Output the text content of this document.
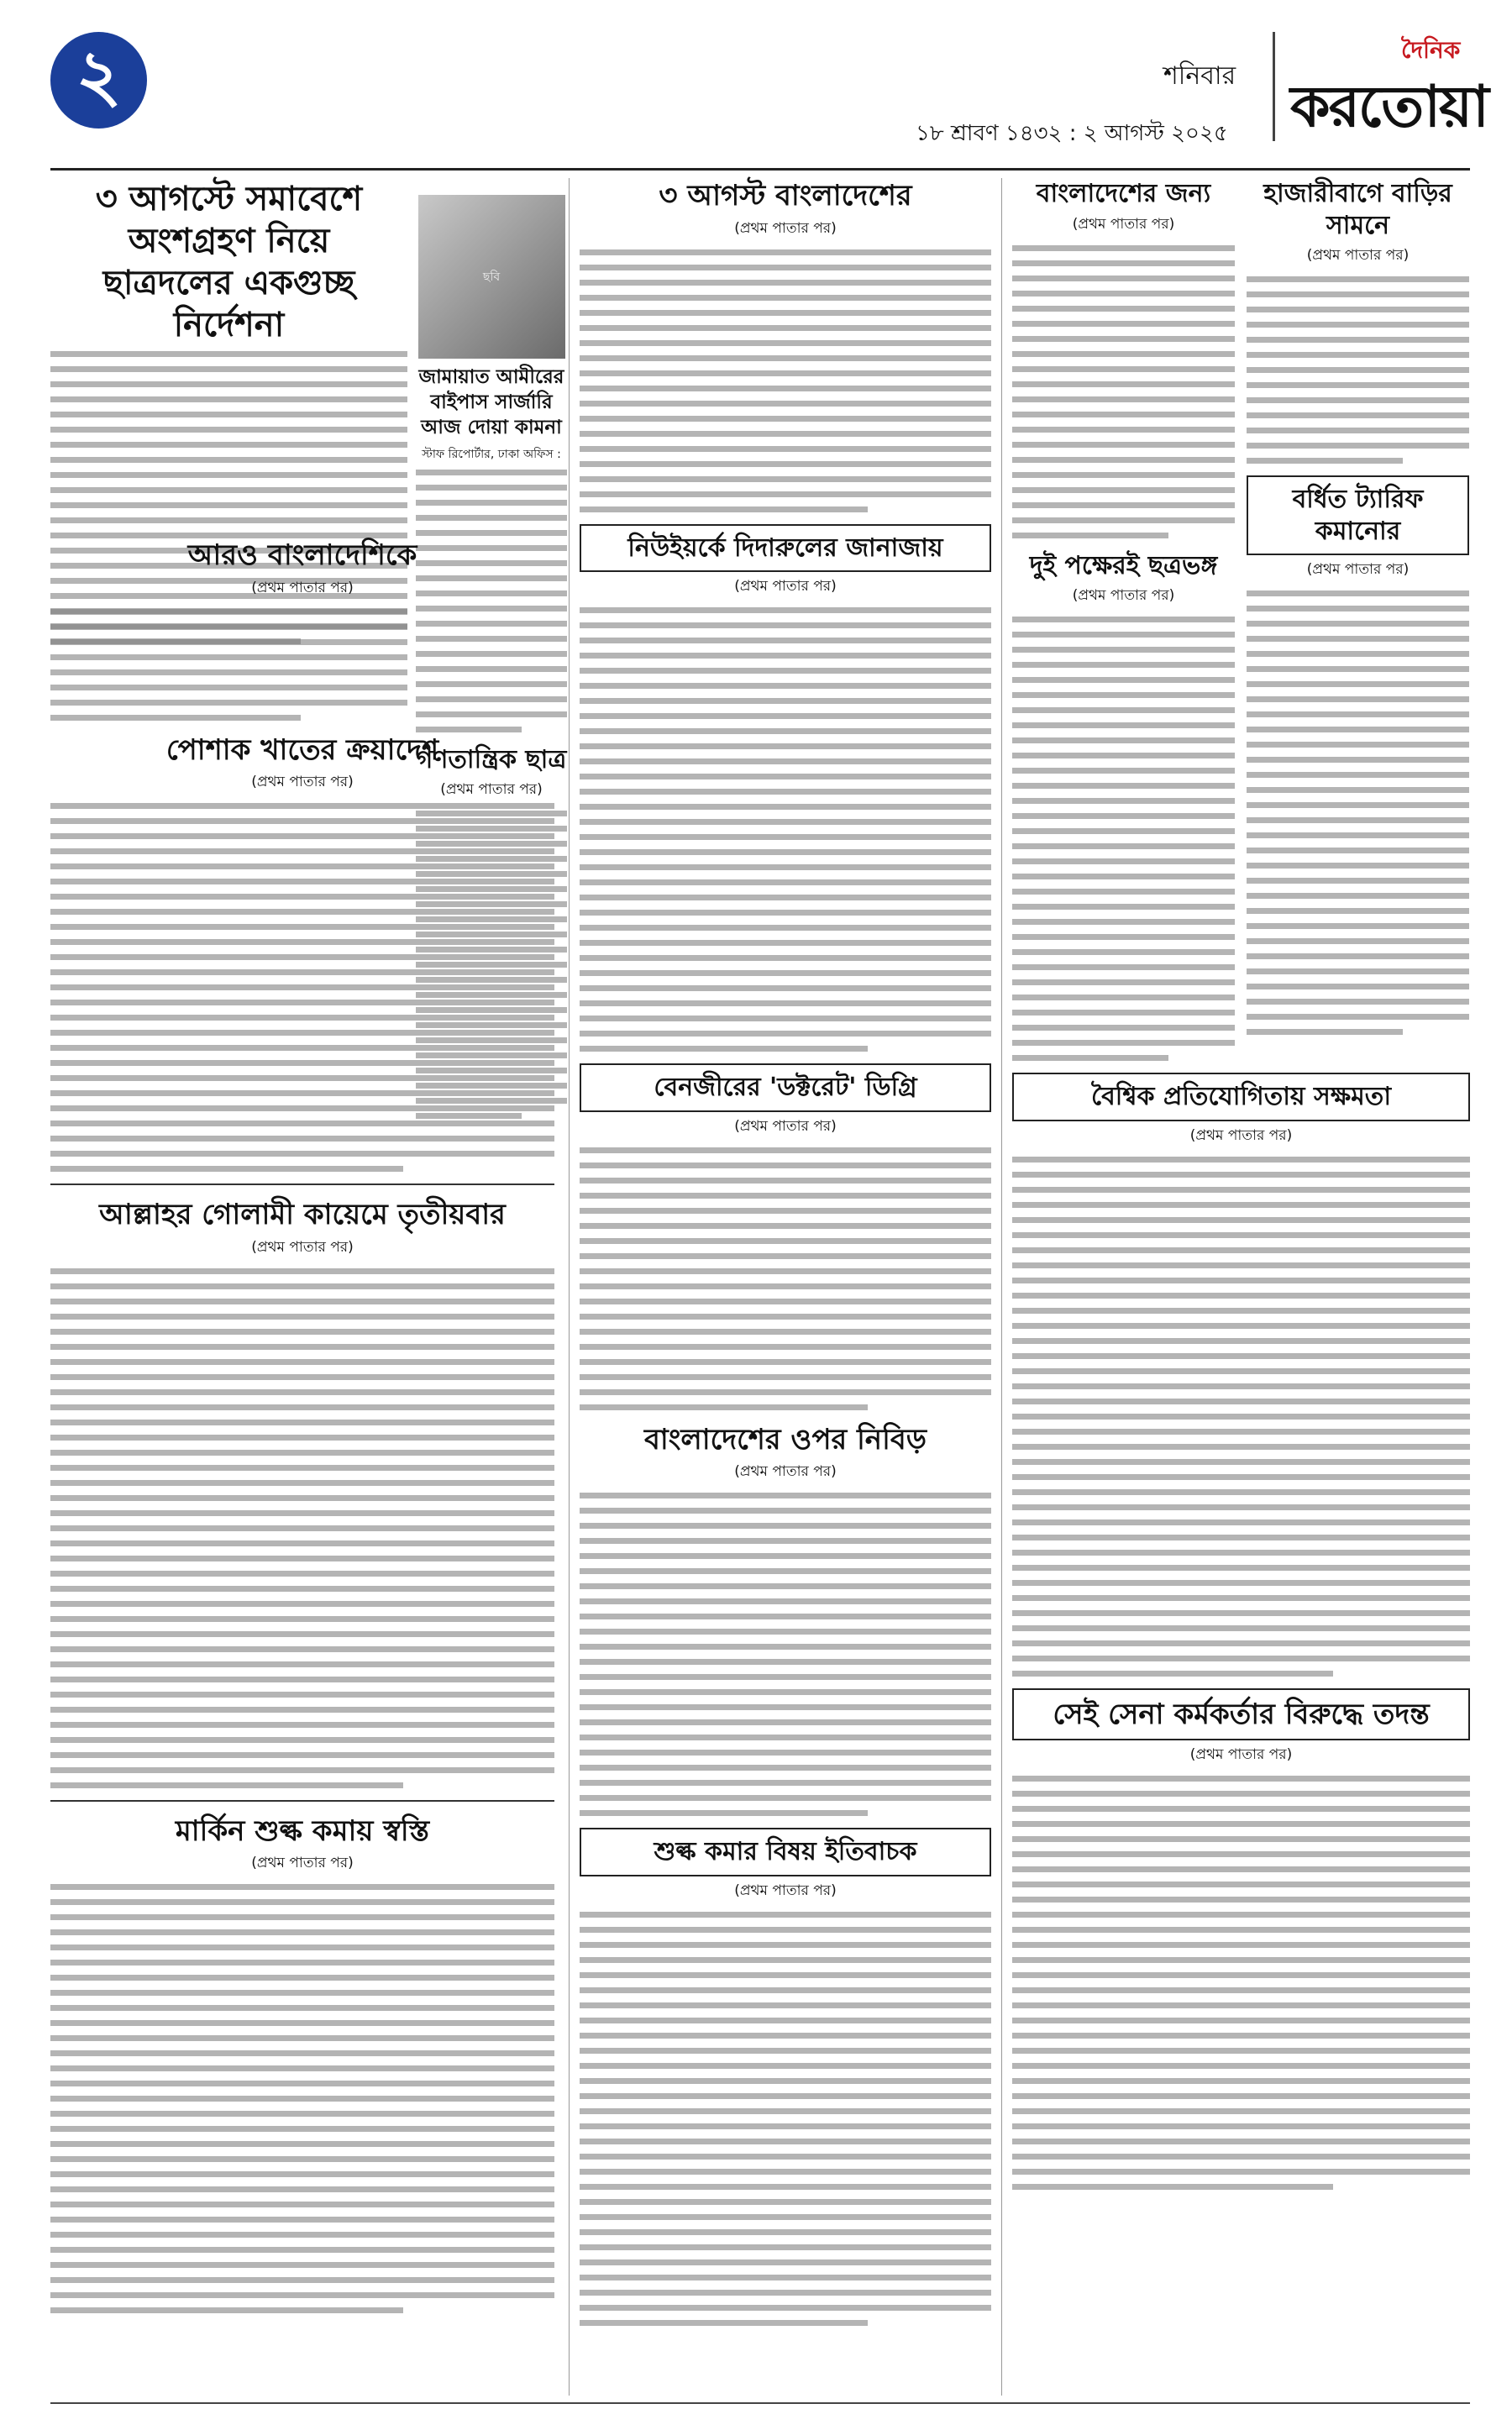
২	শনিবার
১৮ শ্রাবণ ১৪৩২ : ২ আগস্ট ২০২৫
দৈনিক
করতোয়া
৩ আগস্টে সমাবেশে অংশগ্রহণ নিয়ে
ছাত্রদলের একগুচ্ছ নির্দেশনা
ছবি
জামায়াত আমীরের বাইপাস সার্জারি আজ দোয়া কামনা
স্টাফ রিপোর্টার, ঢাকা অফিস :
গণতান্ত্রিক ছাত্র
(প্রথম পাতার পর)
আরও বাংলাদেশিকে
(প্রথম পাতার পর)
পোশাক খাতের ক্রয়াদেশ
(প্রথম পাতার পর)
আল্লাহর গোলামী কায়েমে তৃতীয়বার
(প্রথম পাতার পর)
মার্কিন শুল্ক কমায় স্বস্তি
(প্রথম পাতার পর)
৩ আগস্ট বাংলাদেশের
(প্রথম পাতার পর)
নিউইয়র্কে দিদারুলের জানাজায়
(প্রথম পাতার পর)
বেনজীরের 'ডক্টরেট' ডিগ্রি
(প্রথম পাতার পর)
বাংলাদেশের ওপর নিবিড়
(প্রথম পাতার পর)
শুল্ক কমার বিষয় ইতিবাচক
(প্রথম পাতার পর)
বাংলাদেশের জন্য
(প্রথম পাতার পর)
দুই পক্ষেরই ছত্রভঙ্গ
(প্রথম পাতার পর)
হাজারীবাগে বাড়ির সামনে
(প্রথম পাতার পর)
বর্ধিত ট্যারিফ কমানোর
(প্রথম পাতার পর)
বৈশ্বিক প্রতিযোগিতায় সক্ষমতা
(প্রথম পাতার পর)
সেই সেনা কর্মকর্তার বিরুদ্ধে তদন্ত
(প্রথম পাতার পর)
